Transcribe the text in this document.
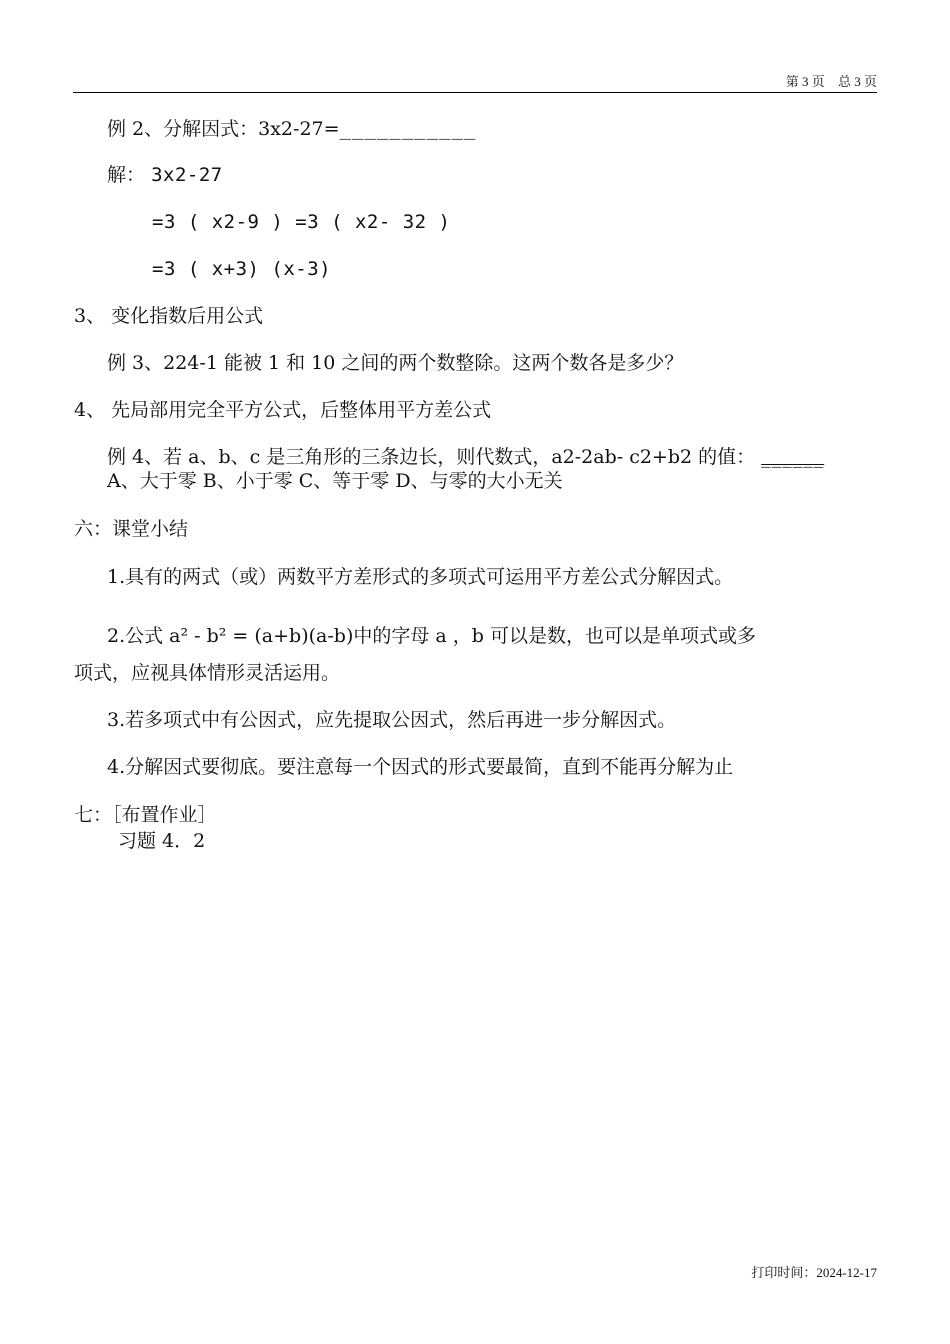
第 3 页 总 3 页
例 2、分解因式：3x2-27=___________
解： 3x2-27
=3 ( x2-9 ) =3 ( x2- 32 )
=3 ( x+3) (x-3)
3、 变化指数后用公式
例 3、224-1 能被 1 和 10 之间的两个数整除。这两个数各是多少？
4、 先局部用完全平方公式，后整体用平方差公式
例 4、若 a、b、c 是三角形的三条边长，则代数式，a2-2ab- c2+b2 的值： ______
A、大于零 B、小于零 C、等于零 D、与零的大小无关
六：课堂小结
1.具有的两式（或）两数平方差形式的多项式可运用平方差公式分解因式。
2.公式 a² - b² = (a+b)(a-b)中的字母 a ，b 可以是数，也可以是单项式或多
项式，应视具体情形灵活运用。
3.若多项式中有公因式，应先提取公因式，然后再进一步分解因式。
4.分解因式要彻底。要注意每一个因式的形式要最简，直到不能再分解为止
七：［布置作业］
习题 4．2
打印时间：2024-12-17
